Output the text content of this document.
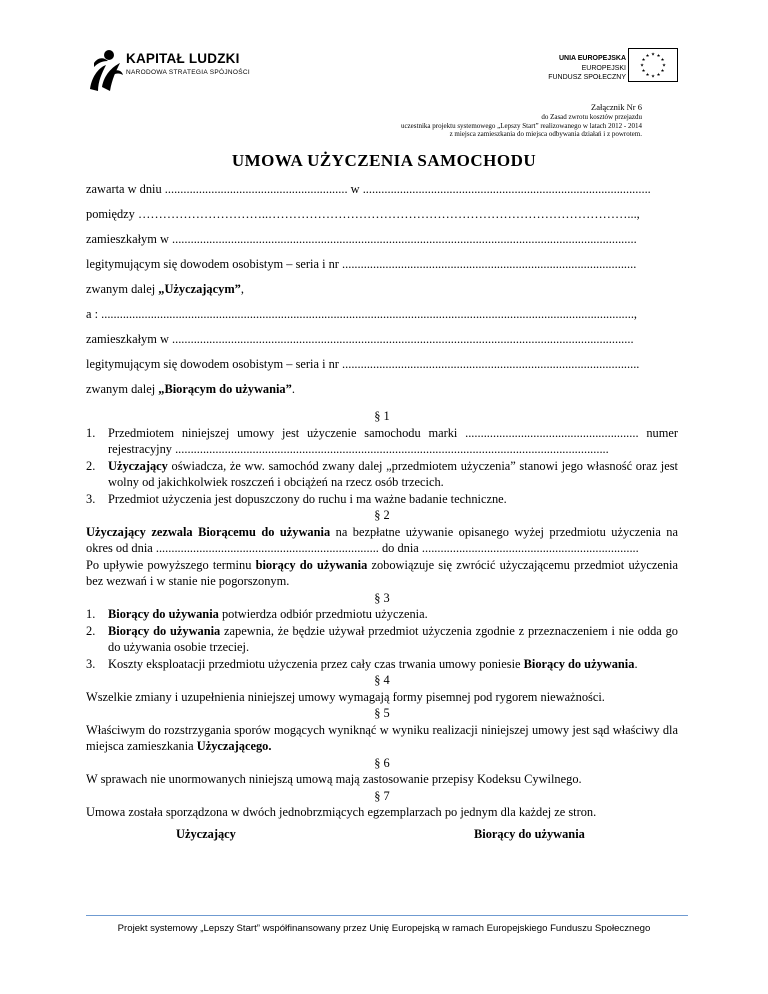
KAPITAŁ LUDZKI
NARODOWA STRATEGIA SPÓJNOŚCI
UNIA EUROPEJSKA
EUROPEJSKI
FUNDUSZ SPOŁECZNY
★ ★
★
★
★
★
★
★
★
★
★
★
Załącznik Nr 6
do Zasad zwrotu kosztów przejazdu
uczestnika projektu systemowego „Lepszy Start” realizowanego w latach 2012 - 2014
z miejsca zamieszkania do miejsca odbywania działań i z powrotem.
UMOWA UŻYCZENIA SAMOCHODU
zawarta w dniu ........................................................... w .............................................................................................
pomiędzy …………………………..……………………………………………………………………………...,
zamieszkałym w ......................................................................................................................................................
legitymującym się dowodem osobistym – seria i nr ...............................................................................................
zwanym dalej „Użyczającym”,
a : ............................................................................................................................................................................,
zamieszkałym w .....................................................................................................................................................
legitymującym się dowodem osobistym – seria i nr ................................................................................................
zwanym dalej „Biorącym do używania”.
§ 1
1. Przedmiotem niniejszej umowy jest użyczenie samochodu marki ........................................................ numer rejestracyjny ............................................................................................................................................
2. Użyczający oświadcza, że ww. samochód zwany dalej „przedmiotem użyczenia” stanowi jego własność oraz jest wolny od jakichkolwiek roszczeń i obciążeń na rzecz osób trzecich.
3. Przedmiot użyczenia jest dopuszczony do ruchu i ma ważne badanie techniczne.
§ 2
Użyczający zezwala Biorącemu do używania na bezpłatne używanie opisanego wyżej przedmiotu użyczenia na okres od dnia ........................................................................ do dnia ......................................................................
Po upływie powyższego terminu biorący do używania zobowiązuje się zwrócić użyczającemu przedmiot użyczenia bez wezwań i w stanie nie pogorszonym.
§ 3
1. Biorący do używania potwierdza odbiór przedmiotu użyczenia.
2. Biorący do używania zapewnia, że będzie używał przedmiot użyczenia zgodnie z przeznaczeniem i nie odda go do używania osobie trzeciej.
3. Koszty eksploatacji przedmiotu użyczenia przez cały czas trwania umowy poniesie Biorący do używania.
§ 4
Wszelkie zmiany i uzupełnienia niniejszej umowy wymagają formy pisemnej pod rygorem nieważności.
§ 5
Właściwym do rozstrzygania sporów mogących wyniknąć w wyniku realizacji niniejszej umowy jest sąd właściwy dla miejsca zamieszkania Użyczającego.
§ 6
W sprawach nie unormowanych niniejszą umową mają zastosowanie przepisy Kodeksu Cywilnego.
§ 7
Umowa została sporządzona w dwóch jednobrzmiących egzemplarzach po jednym dla każdej ze stron.
Użyczający	Biorący do używania
Projekt systemowy „Lepszy Start” współfinansowany przez Unię Europejską w ramach Europejskiego Funduszu Społecznego
